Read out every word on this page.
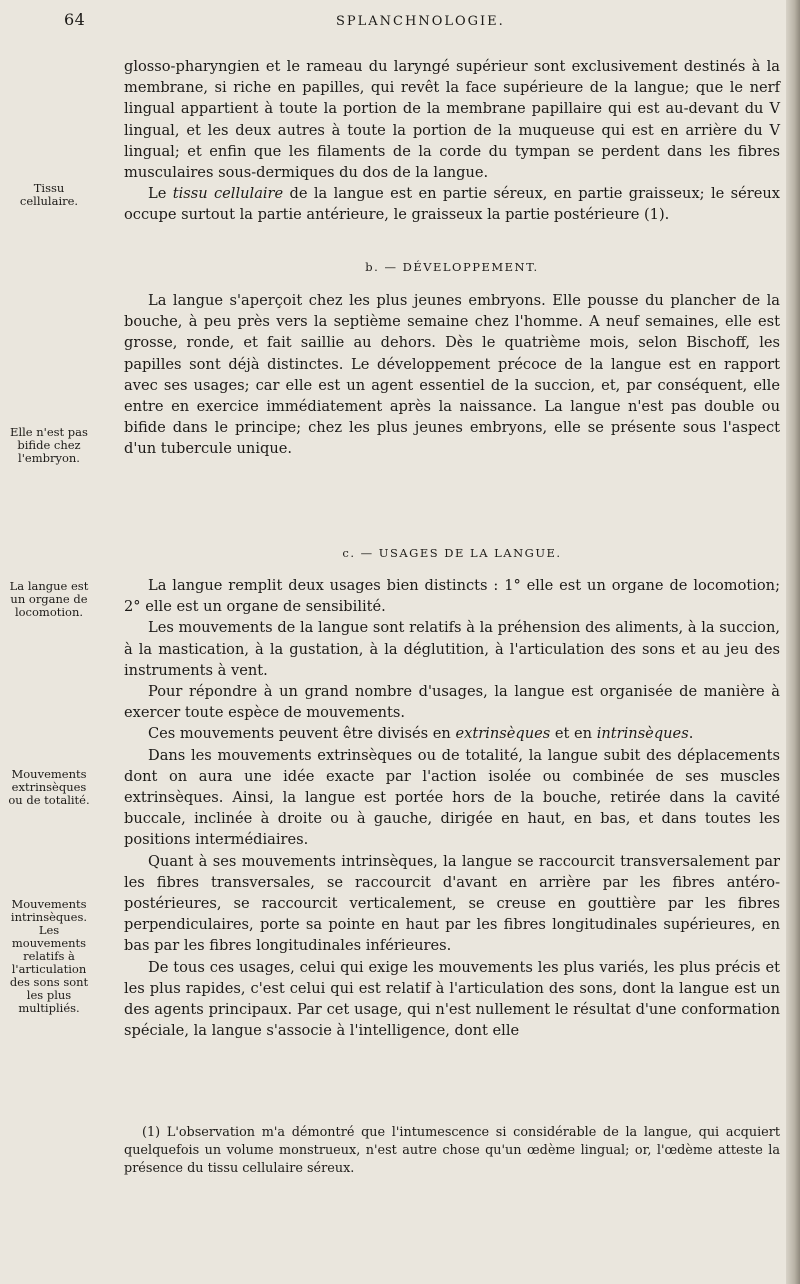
64	SPLANCHNOLOGIE.

glosso-pharyngien et le rameau du laryngé supérieur sont exclusivement destinés à la membrane, si riche en papilles, qui revêt la face supérieure de la langue; que le nerf lingual appartient à toute la portion de la membrane papillaire qui est au-devant du V lingual, et les deux autres à toute la portion de la muqueuse qui est en arrière du V lingual; et enfin que les filaments de la corde du tympan se perdent dans les fibres musculaires sous-dermiques du dos de la langue.

Le tissu cellulaire de la langue est en partie séreux, en partie graisseux; le séreux occupe surtout la partie antérieure, le graisseux la partie postérieure (1).

Tissu cellulaire.
b. — DÉVELOPPEMENT.

La langue s'aperçoit chez les plus jeunes embryons. Elle pousse du plancher de la bouche, à peu près vers la septième semaine chez l'homme. A neuf semaines, elle est grosse, ronde, et fait saillie au dehors. Dès le quatrième mois, selon Bischoff, les papilles sont déjà distinctes. Le développement précoce de la langue est en rapport avec ses usages; car elle est un agent essentiel de la succion, et, par conséquent, elle entre en exercice immédiatement après la naissance. La langue n'est pas double ou bifide dans le principe; chez les plus jeunes embryons, elle se présente sous l'aspect d'un tubercule unique.

Elle n'est pas bifide chez l'embryon.
c. — USAGES DE LA LANGUE.

La langue remplit deux usages bien distincts : 1° elle est un organe de locomotion; 2° elle est un organe de sensibilité.

Les mouvements de la langue sont relatifs à la préhension des aliments, à la succion, à la mastication, à la gustation, à la déglutition, à l'articulation des sons et au jeu des instruments à vent.

Pour répondre à un grand nombre d'usages, la langue est organisée de manière à exercer toute espèce de mouvements.

Ces mouvements peuvent être divisés en extrinsèques et en intrinsèques.

Dans les mouvements extrinsèques ou de totalité, la langue subit des déplacements dont on aura une idée exacte par l'action isolée ou combinée de ses muscles extrinsèques. Ainsi, la langue est portée hors de la bouche, retirée dans la cavité buccale, inclinée à droite ou à gauche, dirigée en haut, en bas, et dans toutes les positions intermédiaires.

Quant à ses mouvements intrinsèques, la langue se raccourcit transversalement par les fibres transversales, se raccourcit d'avant en arrière par les fibres antéro-postérieures, se raccourcit verticalement, se creuse en gouttière par les fibres perpendiculaires, porte sa pointe en haut par les fibres longitudinales supérieures, en bas par les fibres longitudinales inférieures.

De tous ces usages, celui qui exige les mouvements les plus variés, les plus précis et les plus rapides, c'est celui qui est relatif à l'articulation des sons, dont la langue est un des agents principaux. Par cet usage, qui n'est nullement le résultat d'une conformation spéciale, la langue s'associe à l'intelligence, dont elle

La langue est un organe de locomotion.
Mouvements extrinsèques ou de totalité.
Mouvements intrinsèques. Les mouvements relatifs à l'articulation des sons sont les plus multipliés.

(1) L'observation m'a démontré que l'intumescence si considérable de la langue, qui acquiert quelquefois un volume monstrueux, n'est autre chose qu'un œdème lingual; or, l'œdème atteste la présence du tissu cellulaire séreux.
